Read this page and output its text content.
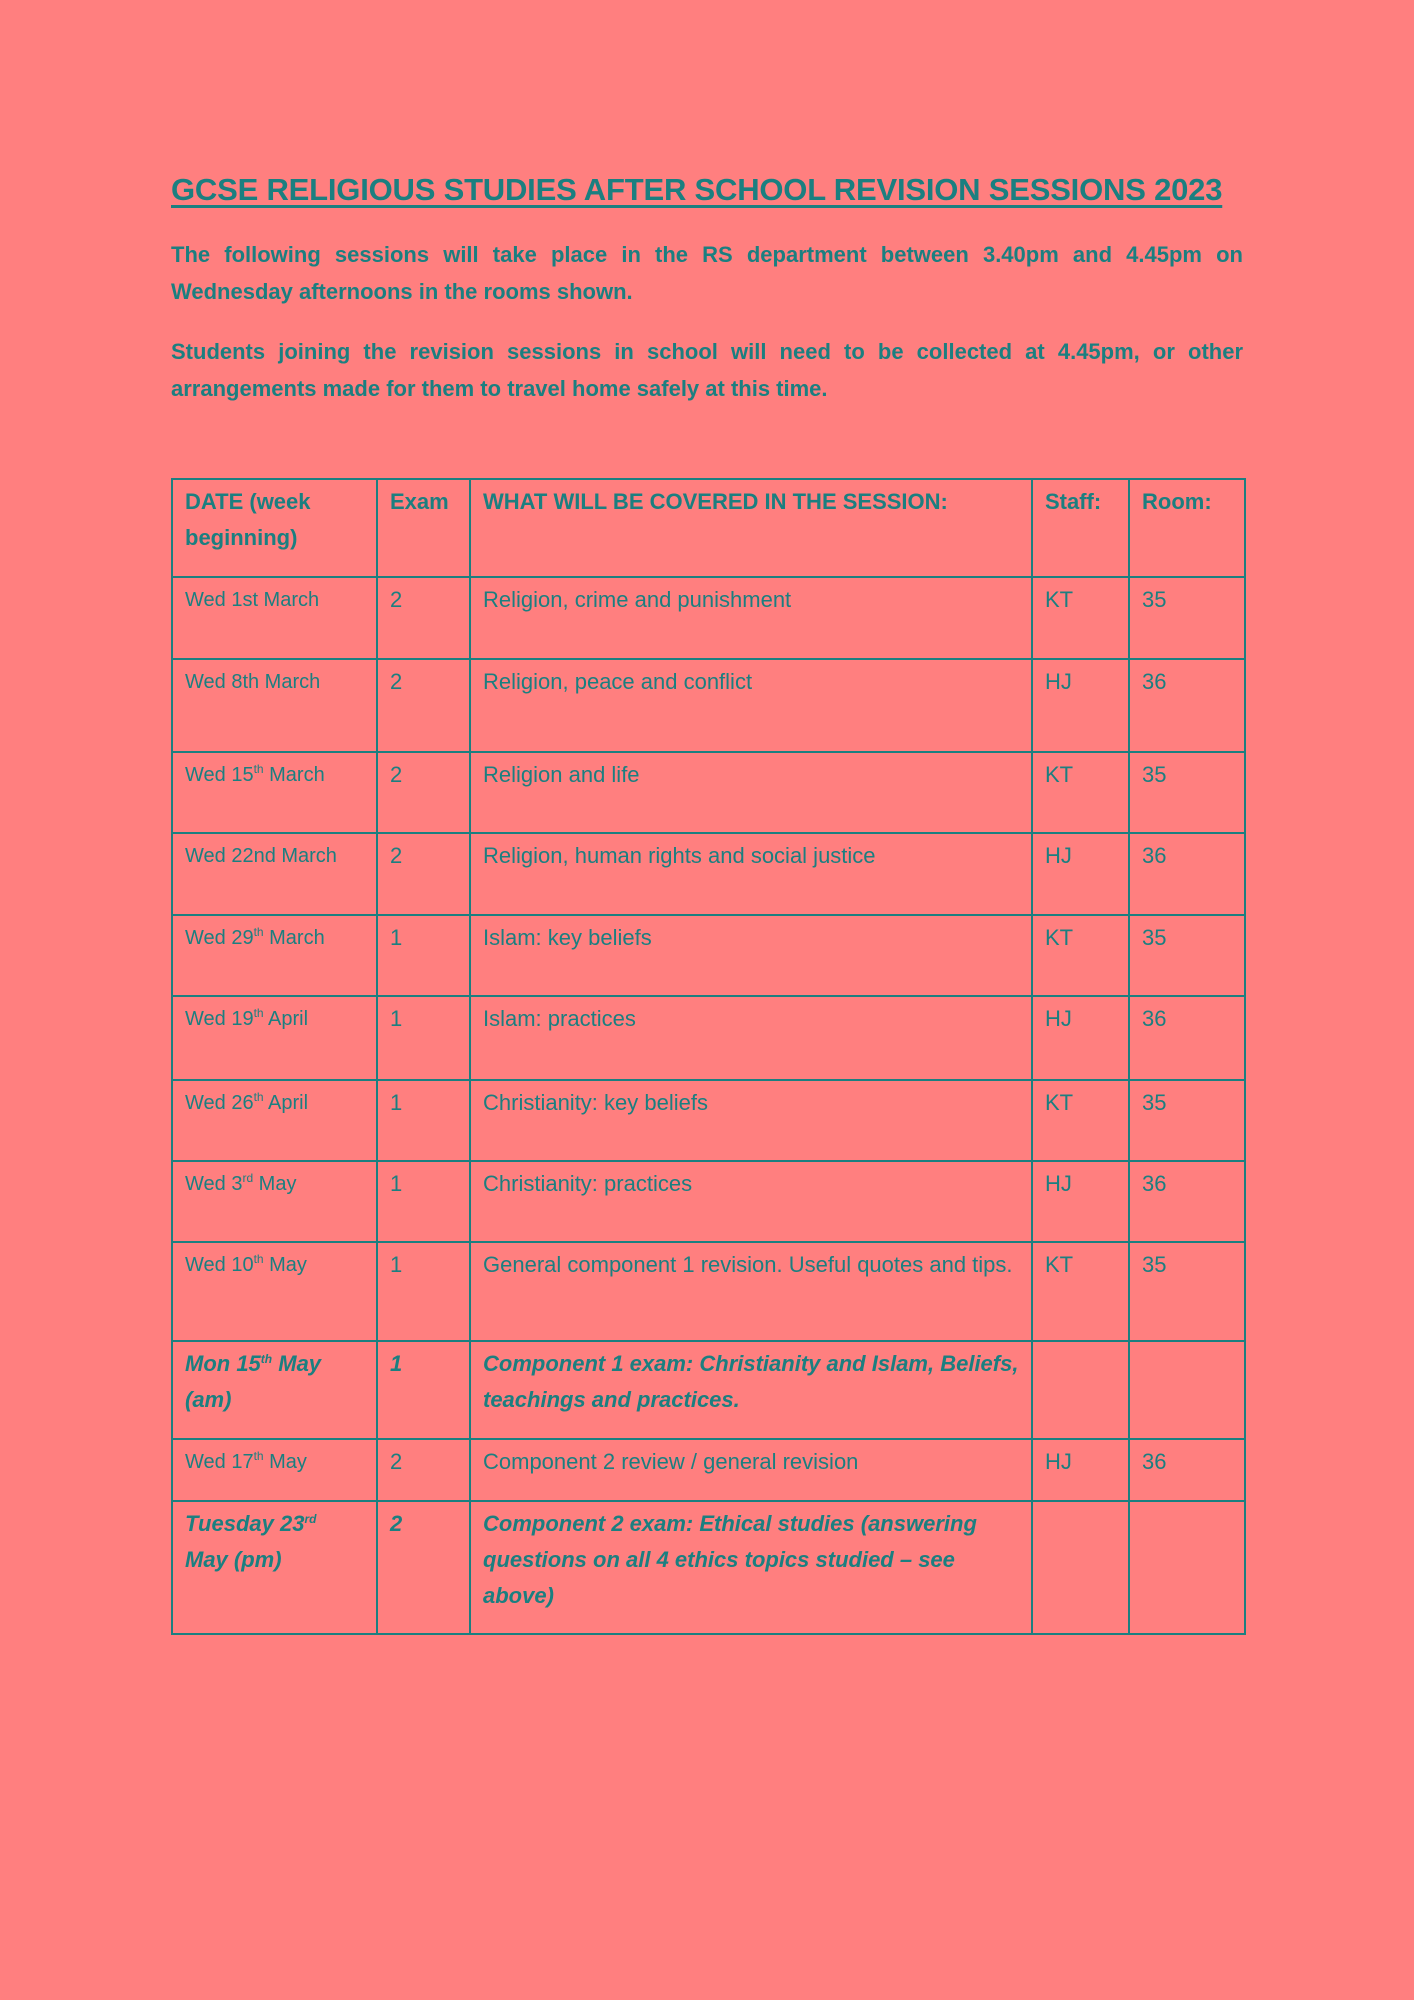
GCSE RELIGIOUS STUDIES AFTER SCHOOL REVISION SESSIONS 2023

The following sessions will take place in the RS department between 3.40pm and 4.45pm on Wednesday afternoons in the rooms shown.

Students joining the revision sessions in school will need to be collected at 4.45pm, or other arrangements made for them to travel home safely at this time.

DATE (week beginning)	Exam	WHAT WILL BE COVERED IN THE SESSION:	Staff:	Room:
Wed 1st March	2	Religion, crime and punishment	KT	35
Wed 8th March	2	Religion, peace and conflict	HJ	36
Wed 15th March	2	Religion and life	KT	35
Wed 22nd March	2	Religion, human rights and social justice	HJ	36
Wed 29th March	1	Islam: key beliefs	KT	35
Wed 19th April	1	Islam: practices	HJ	36
Wed 26th April	1	Christianity: key beliefs	KT	35
Wed 3rd May	1	Christianity: practices	HJ	36
Wed 10th May	1	General component 1 revision. Useful quotes and tips.	KT	35
Mon 15th May (am)	1	Component 1 exam: Christianity and Islam, Beliefs, teachings and practices.		
Wed 17th May	2	Component 2 review / general revision	HJ	36
Tuesday 23rd May (pm)	2	Component 2 exam: Ethical studies (answering questions on all 4 ethics topics studied – see above)		
